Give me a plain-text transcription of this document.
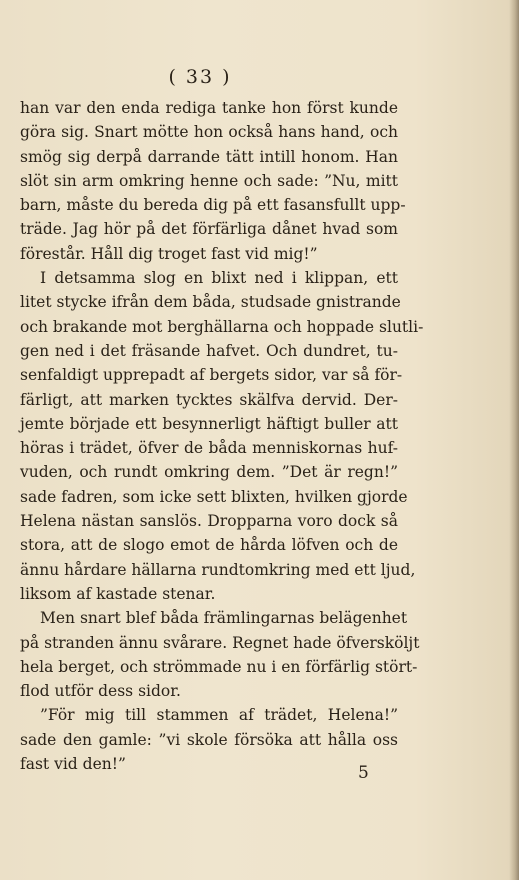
( 33 )
han var den enda rediga tanke hon först kunde
göra sig. Snart mötte hon också hans hand, och
smög sig derpå darrande tätt intill honom. Han
slöt sin arm omkring henne och sade: ”Nu, mitt
barn, måste du bereda dig på ett fasansfullt upp-
träde. Jag hör på det förfärliga dånet hvad som
förestår. Håll dig troget fast vid mig!”
I detsamma slog en blixt ned i klippan, ett
litet stycke ifrån dem båda, studsade gnistrande
och brakande mot berghällarna och hoppade slutli-
gen ned i det fräsande hafvet. Och dundret, tu-
senfaldigt upprepadt af bergets sidor, var så för-
färligt, att marken tycktes skälfva dervid. Der-
jemte började ett besynnerligt häftigt buller att
höras i trädet, öfver de båda menniskornas huf-
vuden, och rundt omkring dem. ”Det är regn!”
sade fadren, som icke sett blixten, hvilken gjorde
Helena nästan sanslös. Dropparna voro dock så
stora, att de slogo emot de hårda löfven och de
ännu hårdare hällarna rundtomkring med ett ljud,
liksom af kastade stenar.
Men snart blef båda främlingarnas belägenhet
på stranden ännu svårare. Regnet hade öfversköljt
hela berget, och strömmade nu i en förfärlig stört-
flod utför dess sidor.
”För mig till stammen af trädet, Helena!”
sade den gamle: ”vi skole försöka att hålla oss
fast vid den!”	5
